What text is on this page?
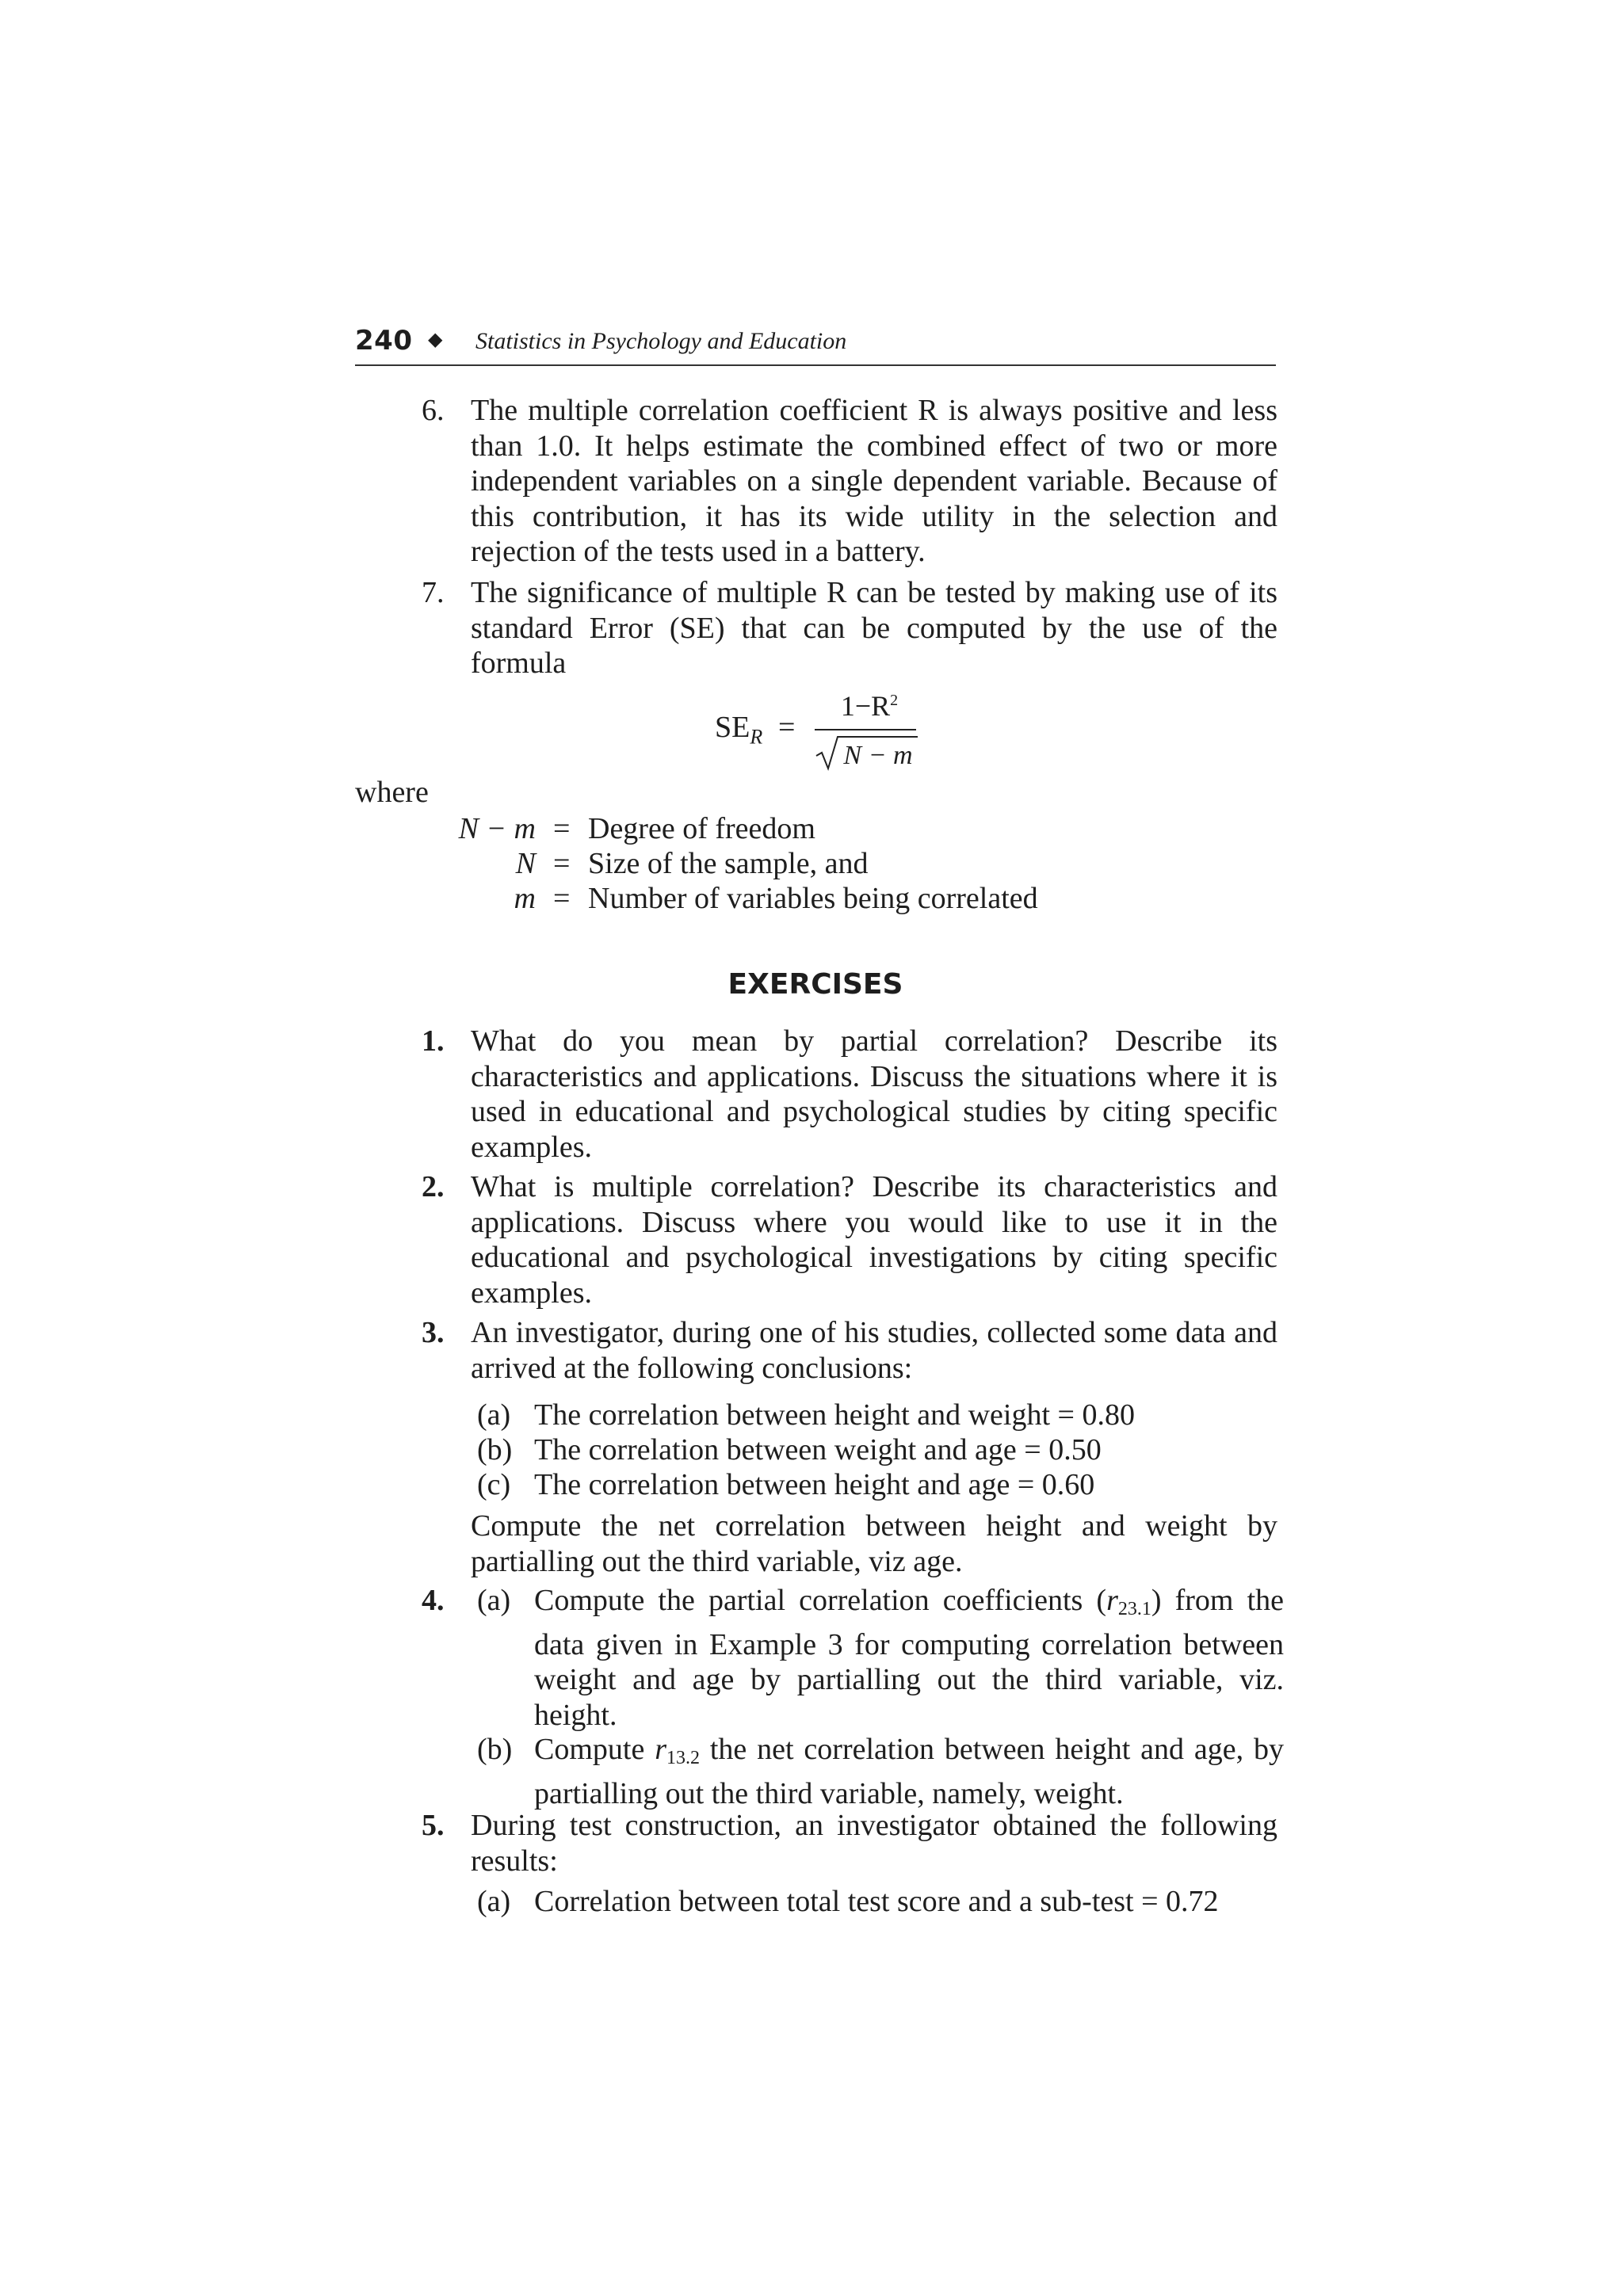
240 ◆ Statistics in Psychology and Education
6. The multiple correlation coefficient R is always positive and less than 1.0. It helps estimate the combined effect of two or more independent variables on a single dependent variable. Because of this contribution, it has its wide utility in the selection and rejection of the tests used in a battery.
7. The significance of multiple R can be tested by making use of its standard Error (SE) that can be computed by the use of the formula
$SE_R$ =
$1-R^2$
N − m
where
N − m = Degree of freedom
N = Size of the sample, and
m = Number of variables being correlated
EXERCISES
1. What do you mean by partial correlation? Describe its characteristics and applications. Discuss the situations where it is used in educational and psychological studies by citing specific examples.
2. What is multiple correlation? Describe its characteristics and applications. Discuss where you would like to use it in the educational and psychological investigations by citing specific examples.
3. An investigator, during one of his studies, collected some data and arrived at the following conclusions:
(a) The correlation between height and weight = 0.80
(b) The correlation between weight and age = 0.50
(c) The correlation between height and age = 0.60
Compute the net correlation between height and weight by partialling out the third variable, viz age.
4. (a) Compute the partial correlation coefficients (r23.1) from the data given in Example 3 for computing correlation between weight and age by partialling out the third variable, viz. height.
(b) Compute r13.2 the net correlation between height and age, by partialling out the third variable, namely, weight.
5. During test construction, an investigator obtained the following results:
(a) Correlation between total test score and a sub-test = 0.72
